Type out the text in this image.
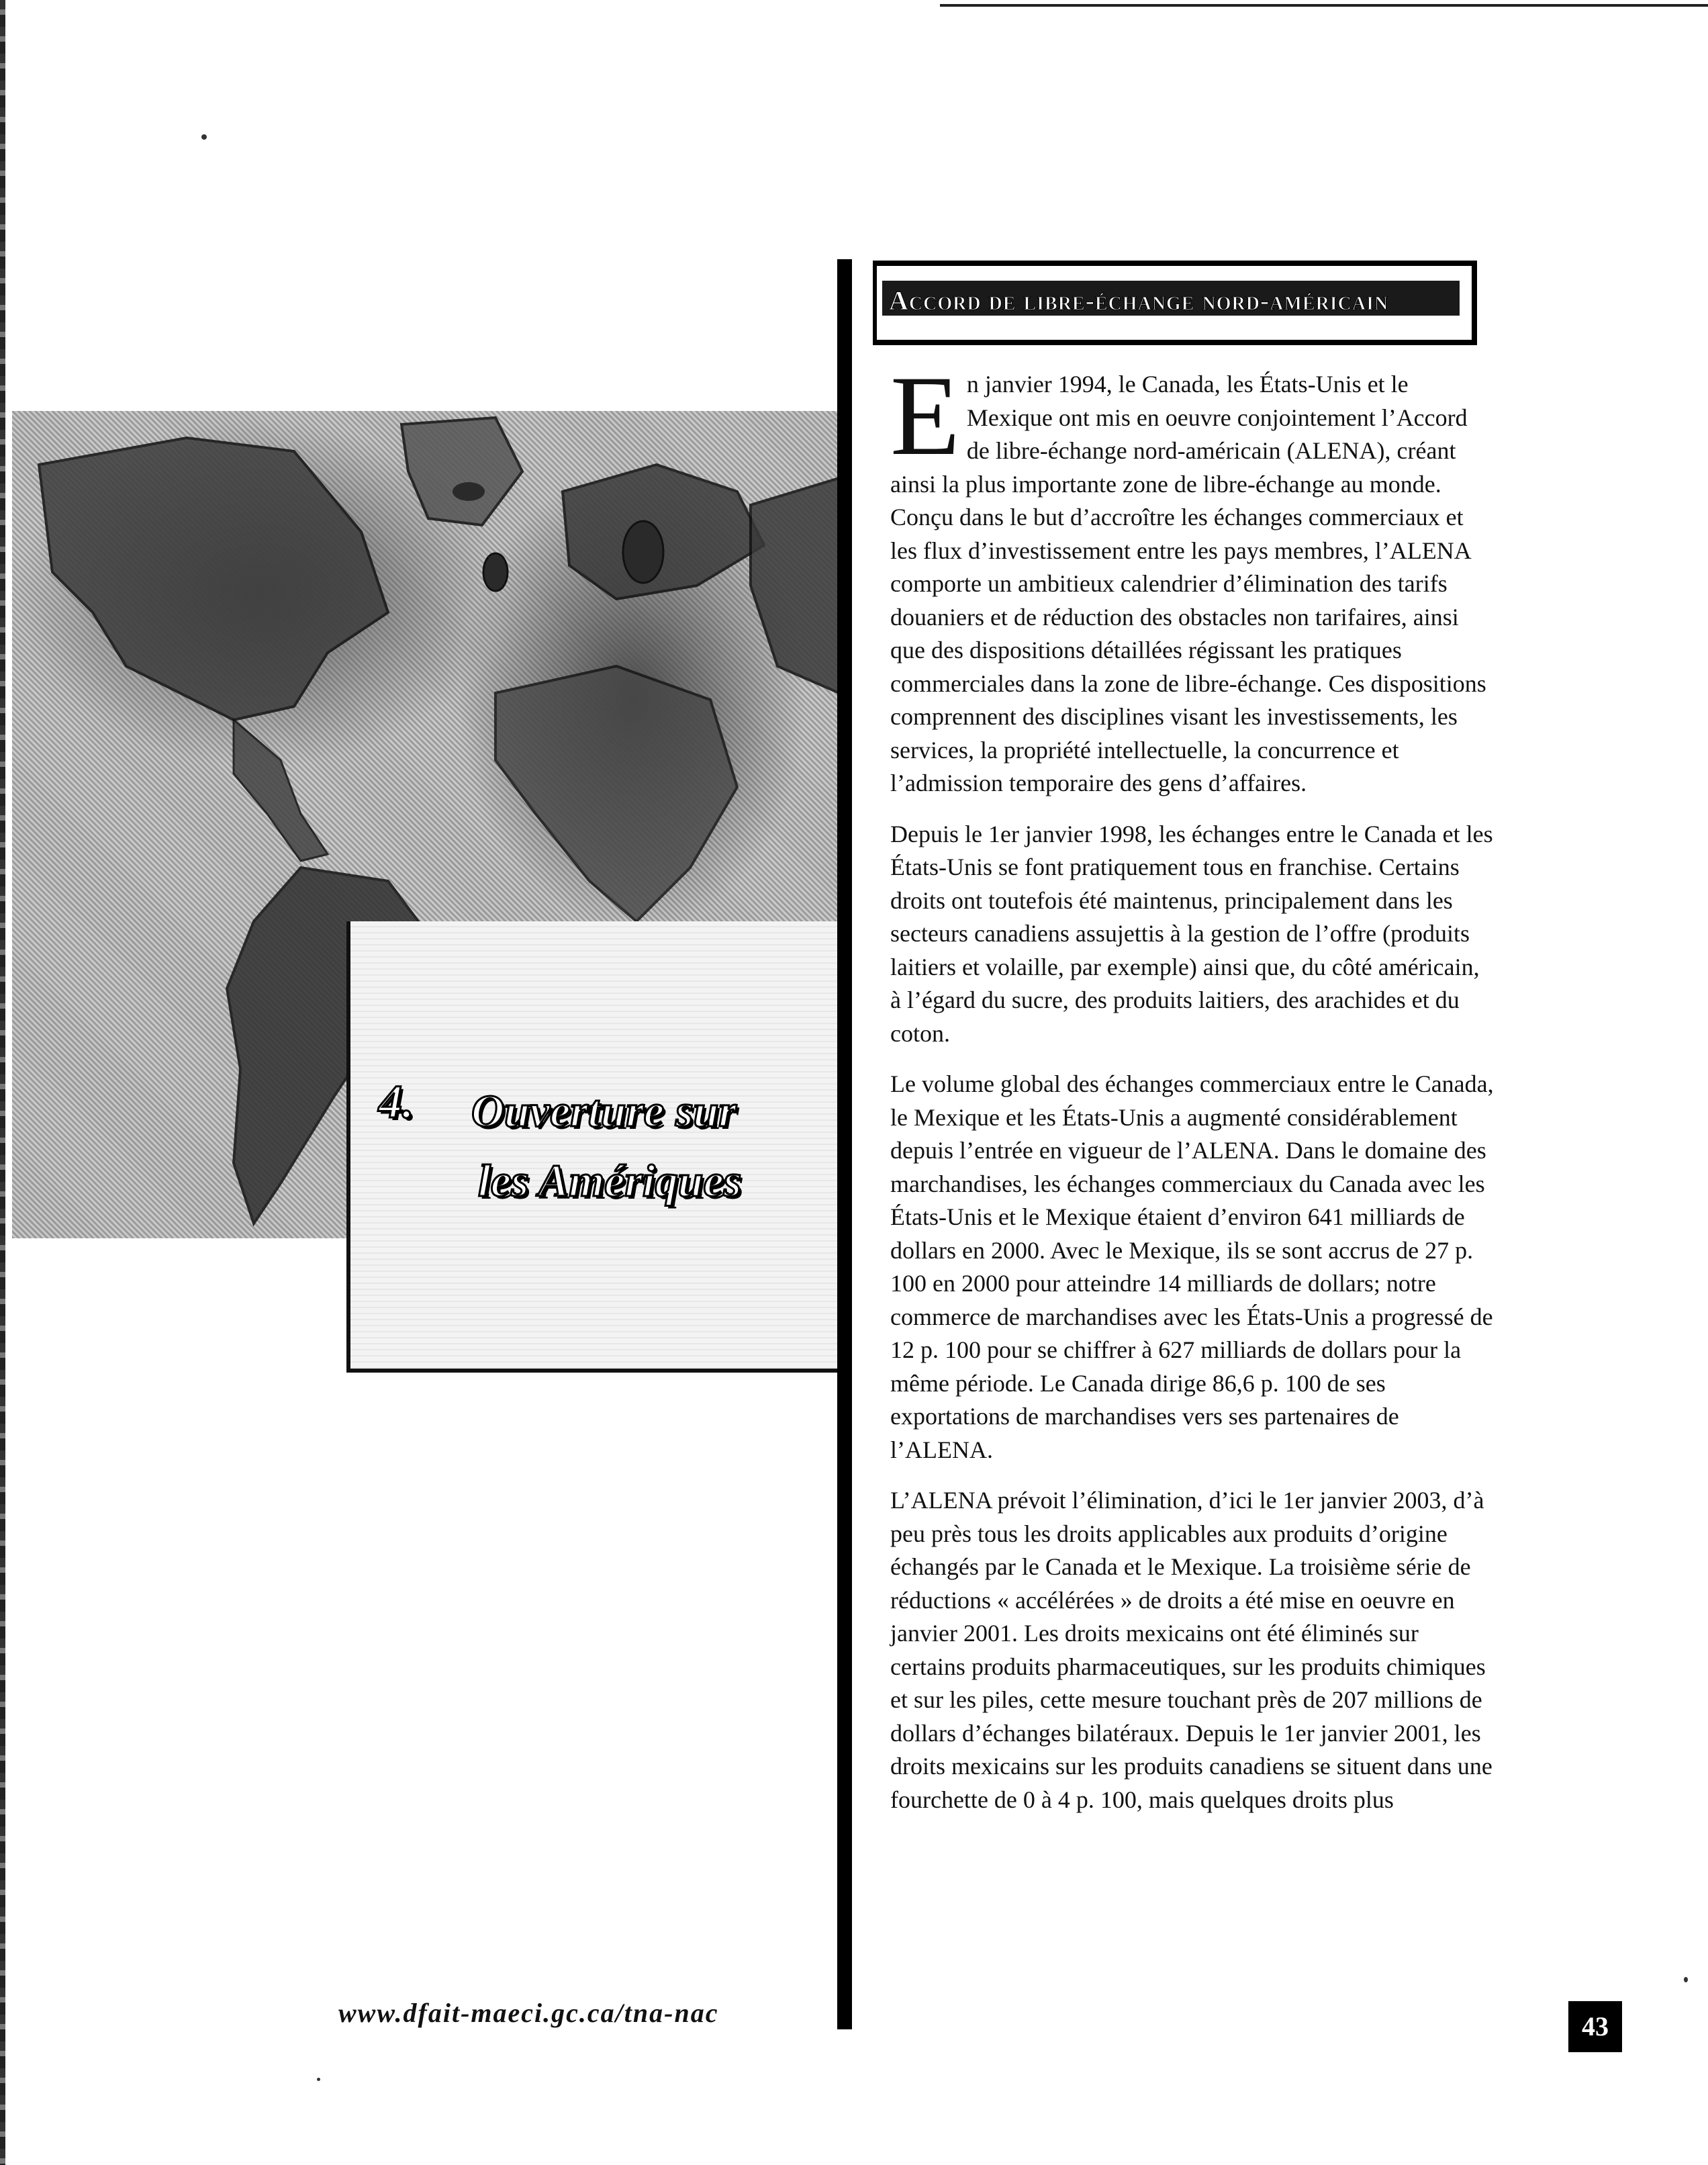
4. Ouverture sur
les Amériques
Accord de libre-échange nord-américain

E n janvier 1994, le Canada, les États-Unis et le Mexique ont mis en oeuvre conjointement l’Accord de libre-échange nord-américain (ALENA), créant ainsi la plus importante zone de libre-échange au monde. Conçu dans le but d’accroître les échanges commerciaux et les flux d’investissement entre les pays membres, l’ALENA comporte un ambitieux calendrier d’élimination des tarifs douaniers et de réduction des obstacles non tarifaires, ainsi que des dispositions détaillées régissant les pratiques commerciales dans la zone de libre-échange. Ces dispositions comprennent des disciplines visant les investissements, les services, la propriété intellectuelle, la concurrence et l’admission temporaire des gens d’affaires.

Depuis le 1er janvier 1998, les échanges entre le Canada et les États-Unis se font pratiquement tous en franchise. Certains droits ont toutefois été maintenus, principalement dans les secteurs canadiens assujettis à la gestion de l’offre (produits laitiers et volaille, par exemple) ainsi que, du côté américain, à l’égard du sucre, des produits laitiers, des arachides et du coton.

Le volume global des échanges commerciaux entre le Canada, le Mexique et les États-Unis a augmenté considérablement depuis l’entrée en vigueur de l’ALENA. Dans le domaine des marchandises, les échanges commerciaux du Canada avec les États-Unis et le Mexique étaient d’environ 641 milliards de dollars en 2000. Avec le Mexique, ils se sont accrus de 27 p. 100 en 2000 pour atteindre 14 milliards de dollars; notre commerce de marchandises avec les États-Unis a progressé de 12 p. 100 pour se chiffrer à 627 milliards de dollars pour la même période. Le Canada dirige 86,6 p. 100 de ses exportations de marchandises vers ses partenaires de l’ALENA.

L’ALENA prévoit l’élimination, d’ici le 1er janvier 2003, d’à peu près tous les droits applicables aux produits d’origine échangés par le Canada et le Mexique. La troisième série de réductions « accélérées » de droits a été mise en oeuvre en janvier 2001. Les droits mexicains ont été éliminés sur certains produits pharmaceutiques, sur les produits chimiques et sur les piles, cette mesure touchant près de 207 millions de dollars d’échanges bilatéraux. Depuis le 1er janvier 2001, les droits mexicains sur les produits canadiens se situent dans une fourchette de 0 à 4 p. 100, mais quelques droits plus

www.dfait-maeci.gc.ca/tna-nac	43
